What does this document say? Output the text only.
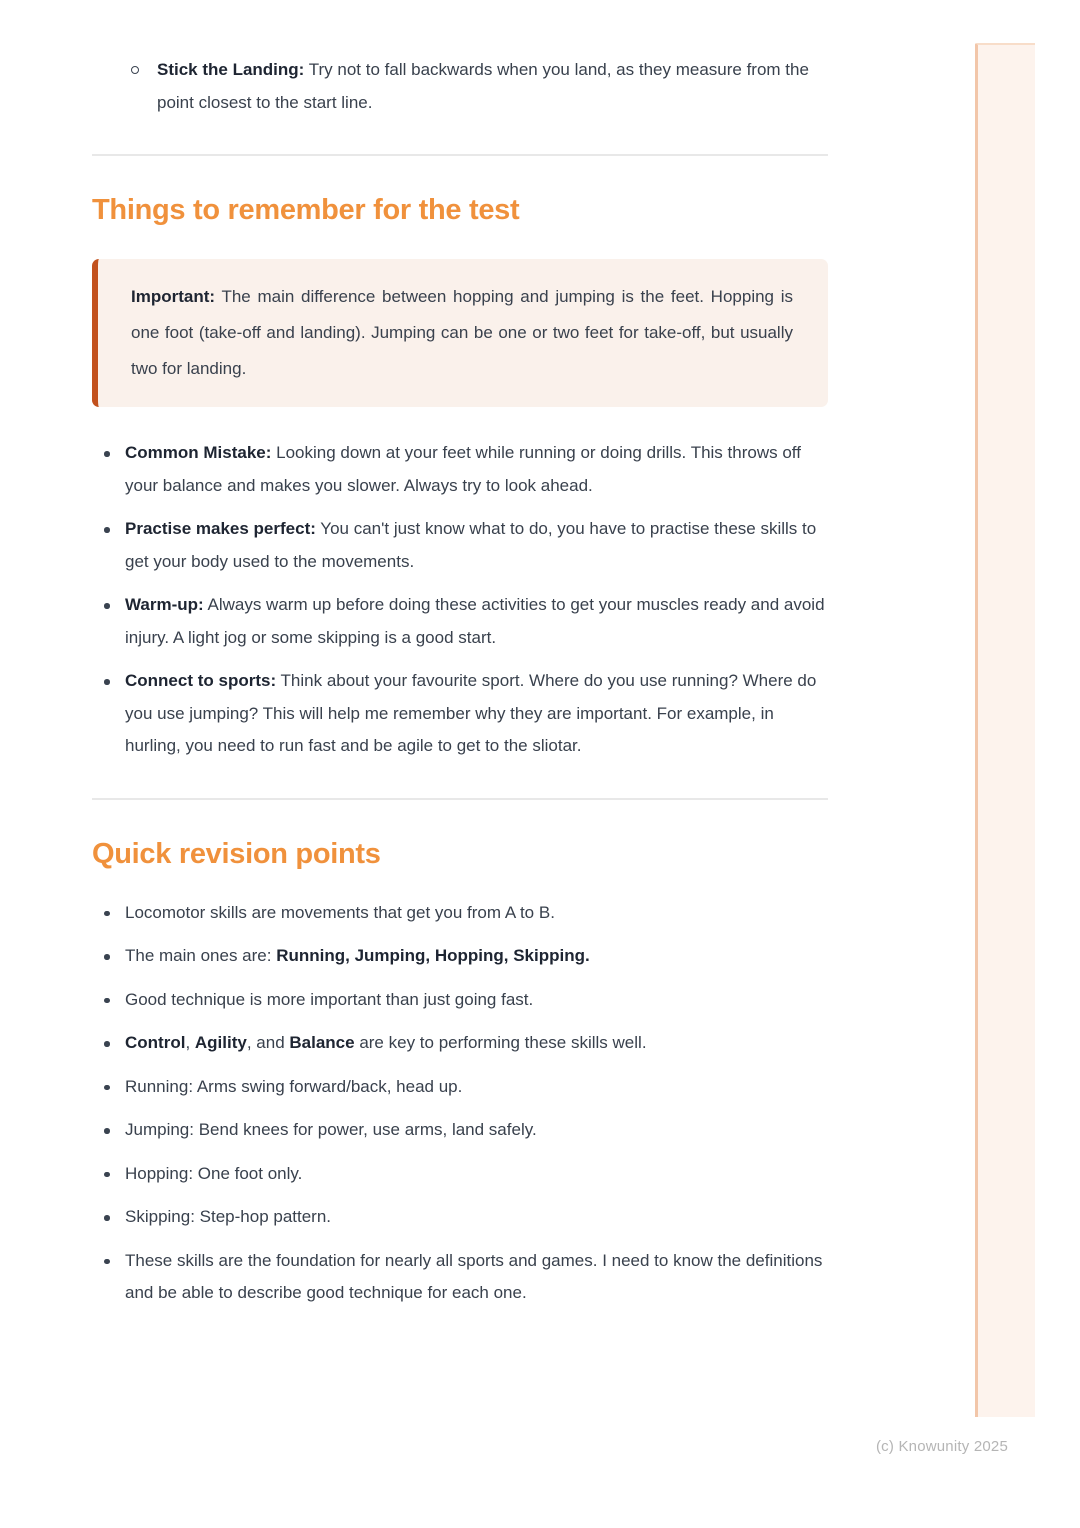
Stick the Landing: Try not to fall backwards when you land, as they measure from the point closest to the start line.
Things to remember for the test

Important: The main difference between hopping and jumping is the feet. Hopping is one foot (take-off and landing). Jumping can be one or two feet for take-off, but usually two for landing.

Common Mistake: Looking down at your feet while running or doing drills. This throws off your balance and makes you slower. Always try to look ahead.
Practise makes perfect: You can't just know what to do, you have to practise these skills to get your body used to the movements.
Warm-up: Always warm up before doing these activities to get your muscles ready and avoid injury. A light jog or some skipping is a good start.
Connect to sports: Think about your favourite sport. Where do you use running? Where do you use jumping? This will help me remember why they are important. For example, in hurling, you need to run fast and be agile to get to the sliotar.
Quick revision points
Locomotor skills are movements that get you from A to B.
The main ones are: Running, Jumping, Hopping, Skipping.
Good technique is more important than just going fast.
Control, Agility, and Balance are key to performing these skills well.
Running: Arms swing forward/back, head up.
Jumping: Bend knees for power, use arms, land safely.
Hopping: One foot only.
Skipping: Step-hop pattern.
These skills are the foundation for nearly all sports and games. I need to know the definitions and be able to describe good technique for each one.
(c) Knowunity 2025
